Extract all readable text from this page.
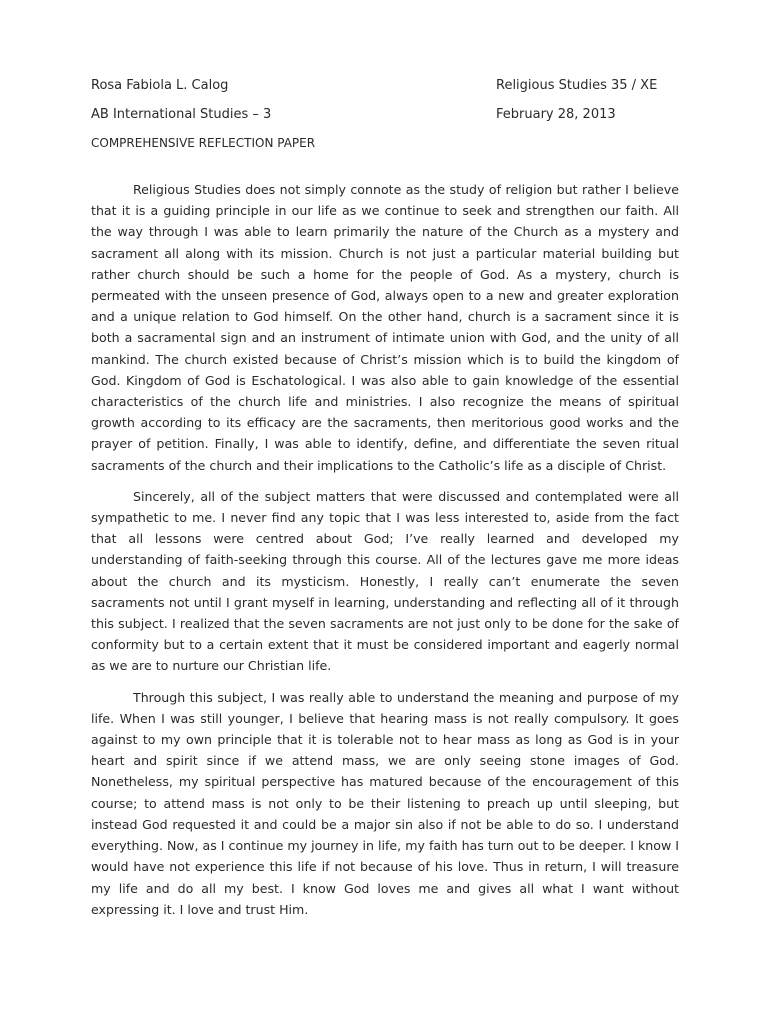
Rosa Fabiola L. Calog	Religious Studies 35 / XE
AB International Studies – 3	February 28, 2013
COMPREHENSIVE REFLECTION PAPER

Religious Studies does not simply connote as the study of religion but rather I believe that it is a guiding principle in our life as we continue to seek and strengthen our faith. All the way through I was able to learn primarily the nature of the Church as a mystery and sacrament all along with its mission. Church is not just a particular material building but rather church should be such a home for the people of God. As a mystery, church is permeated with the unseen presence of God, always open to a new and greater exploration and a unique relation to God himself. On the other hand, church is a sacrament since it is both a sacramental sign and an instrument of intimate union with God, and the unity of all mankind. The church existed because of Christ’s mission which is to build the kingdom of God. Kingdom of God is Eschatological. I was also able to gain knowledge of the essential characteristics of the church life and ministries. I also recognize the means of spiritual growth according to its efficacy are the sacraments, then meritorious good works and the prayer of petition. Finally, I was able to identify, define, and differentiate the seven ritual sacraments of the church and their implications to the Catholic’s life as a disciple of Christ.

Sincerely, all of the subject matters that were discussed and contemplated were all sympathetic to me. I never find any topic that I was less interested to, aside from the fact that all lessons were centred about God; I’ve really learned and developed my understanding of faith-seeking through this course. All of the lectures gave me more ideas about the church and its mysticism. Honestly, I really can’t enumerate the seven sacraments not until I grant myself in learning, understanding and reflecting all of it through this subject. I realized that the seven sacraments are not just only to be done for the sake of conformity but to a certain extent that it must be considered important and eagerly normal as we are to nurture our Christian life.

Through this subject, I was really able to understand the meaning and purpose of my life. When I was still younger, I believe that hearing mass is not really compulsory. It goes against to my own principle that it is tolerable not to hear mass as long as God is in your heart and spirit since if we attend mass, we are only seeing stone images of God. Nonetheless, my spiritual perspective has matured because of the encouragement of this course; to attend mass is not only to be their listening to preach up until sleeping, but instead God requested it and could be a major sin also if not be able to do so. I understand everything. Now, as I continue my journey in life, my faith has turn out to be deeper. I know I would have not experience this life if not because of his love. Thus in return, I will treasure my life and do all my best. I know God loves me and gives all what I want without expressing it. I love and trust Him.
